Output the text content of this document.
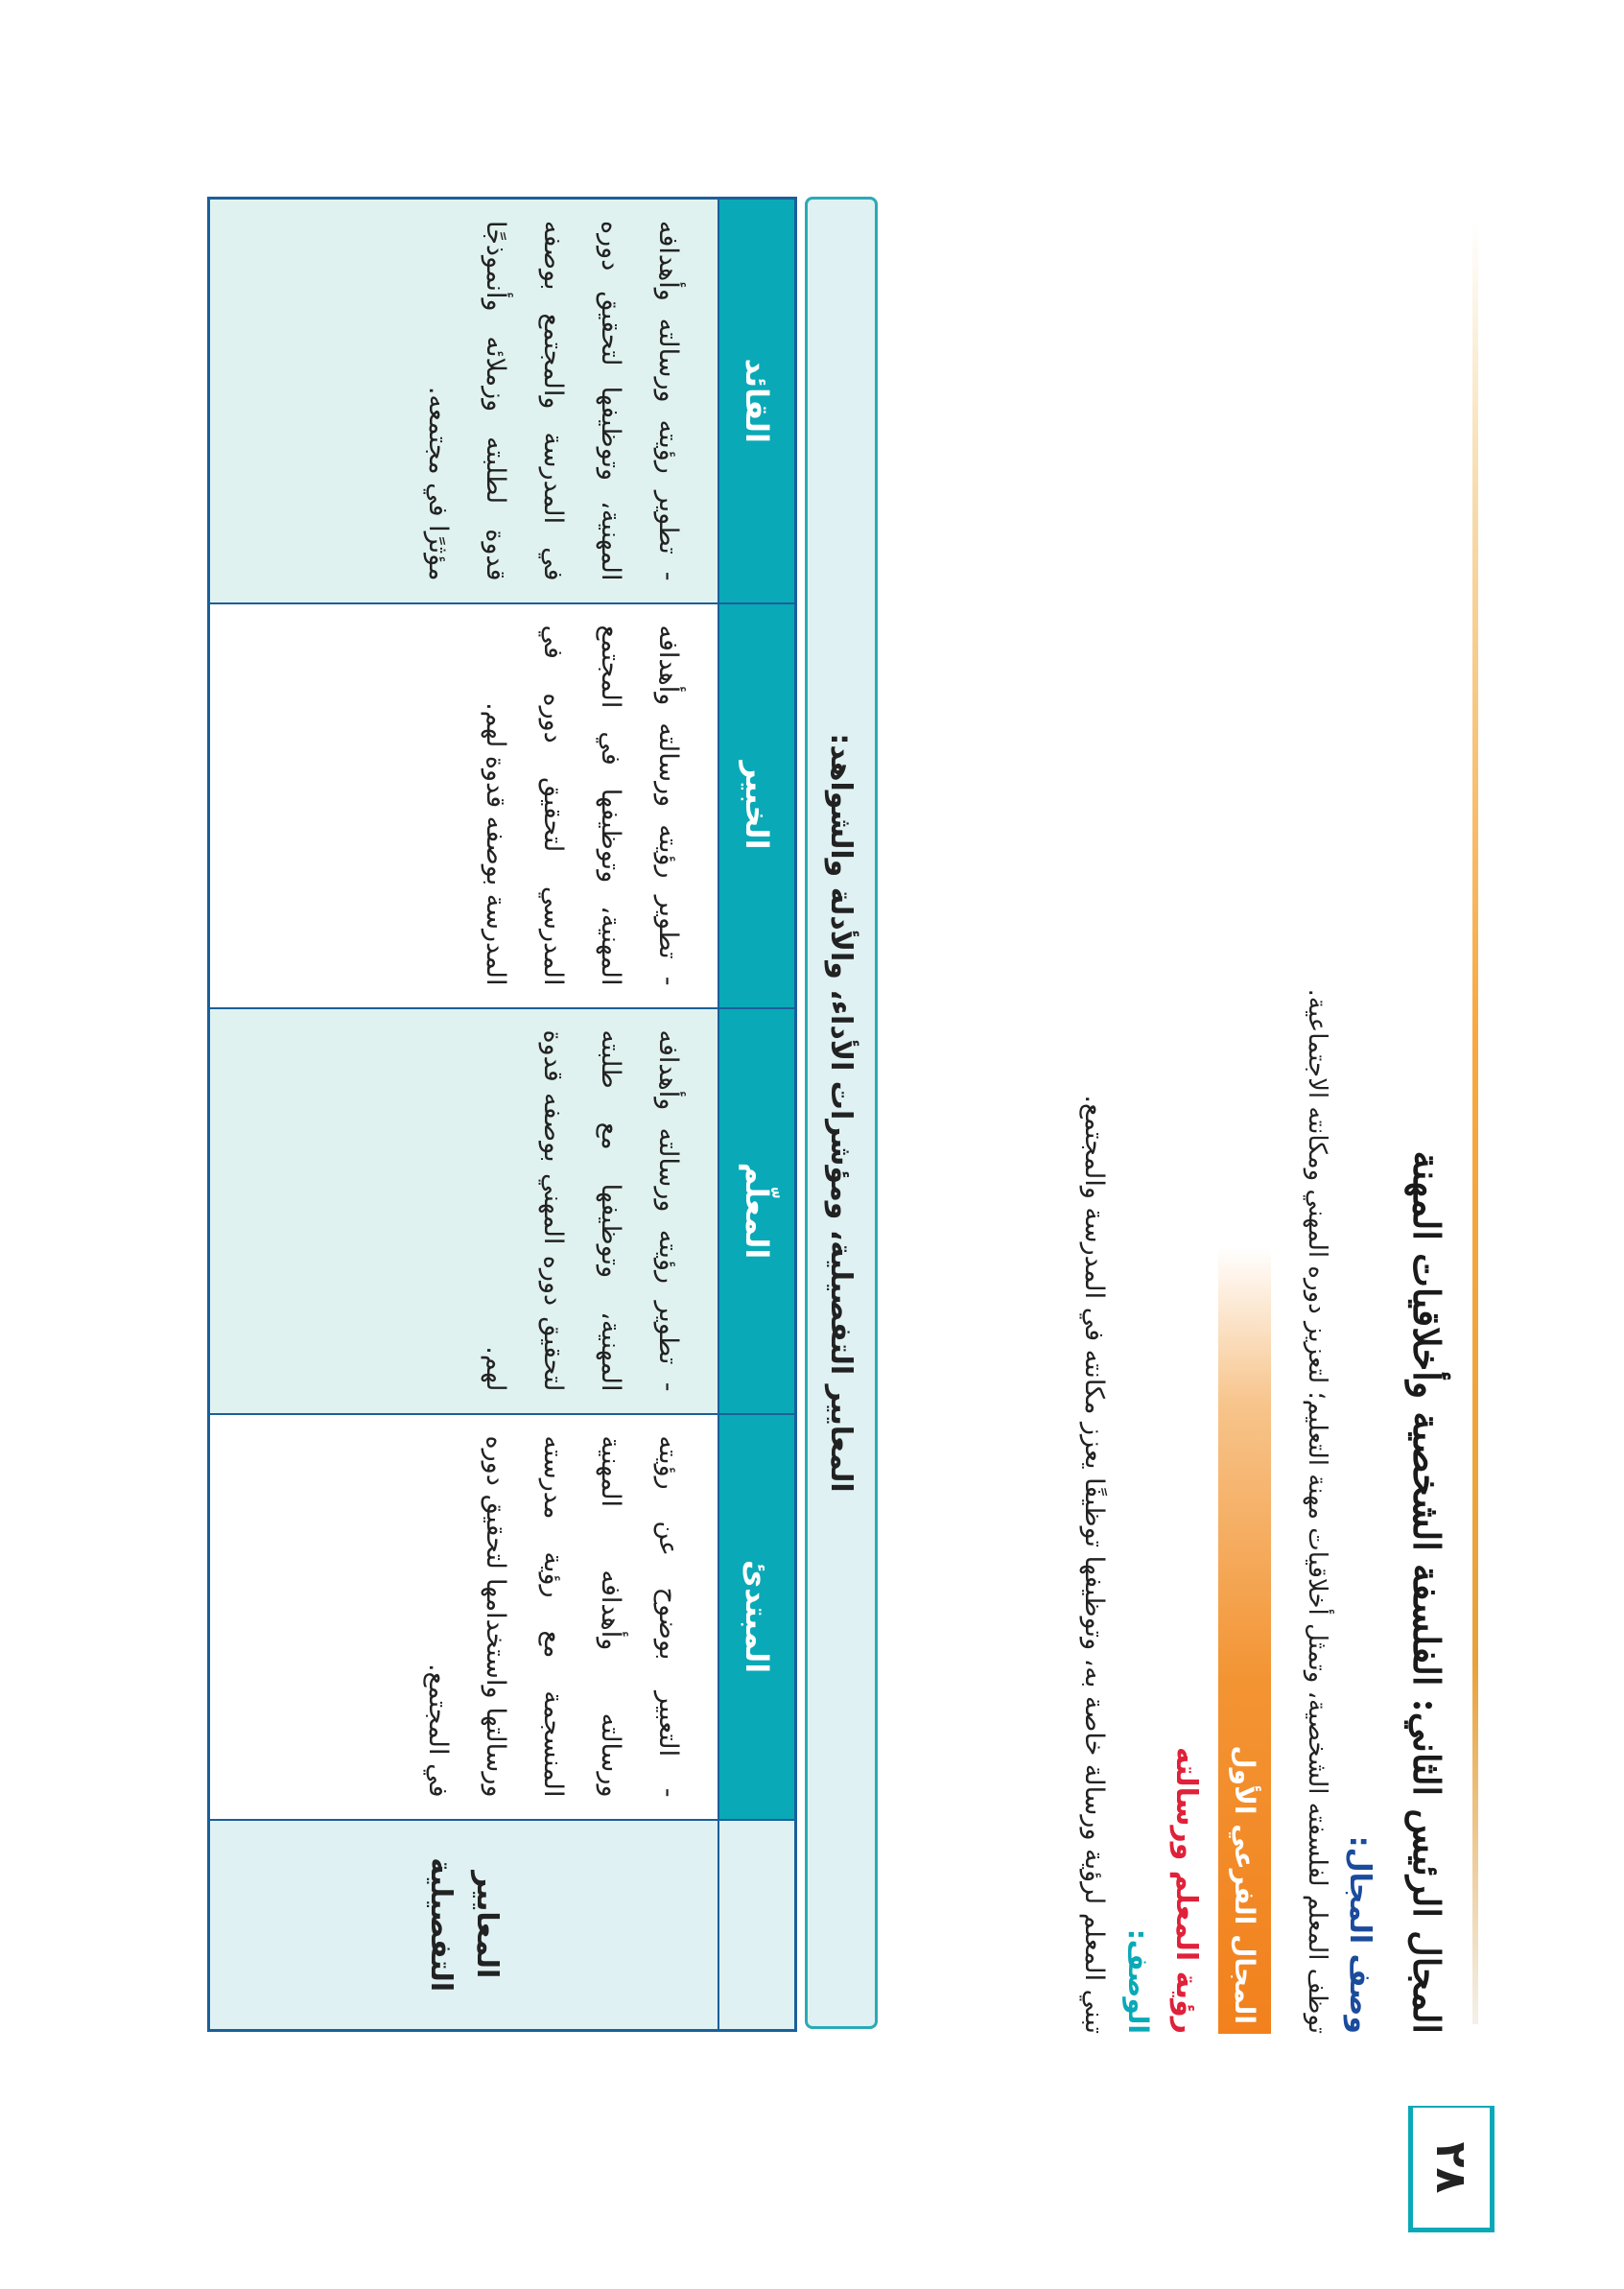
٢٨
المجال الرئيس الثاني: الفلسفة الشخصية وأخلاقيات المهنة
وصف المجال:
توظف المعلم لفلسفته الشخصية، وتمثل أخلاقيات مهنة التعليم؛ لتعزيز دوره المهني ومكانته الاجتماعية.
المجال الفرعي الأول
رؤية المعلم ورسالته
الوصف:
تبني المعلم لرؤية ورسالة خاصة به، وتوظيفها توظيفًا يعزز مكانته في المدرسة والمجتمع.
المعايير التفصيلية، ومؤشرات الأداء، والأدلة والشواهد:
	المبتدئ	المعلّم	الخبير	القائد
المعايير التفصيلية	- التعبير بوضوح عن رؤيته ورسالته وأهدافه المهنية المنسجمة مع رؤية مدرسته ورسالتها واستخدامها لتحقيق دوره في المجتمع.	- تطوير رؤيته ورسالته وأهدافه المهنية، وتوظيفها مع طلبته لتحقيق دوره المهني بوصفه قدوة لهم.	- تطوير رؤيته ورسالته وأهدافه المهنية، وتوظيفها في المجتمع المدرسي لتحقيق دوره في المدرسة بوصفه قدوة لهم.	- تطوير رؤيته ورسالته وأهدافه المهنية، وتوظيفها لتحقيق دوره في المدرسة والمجتمع بوصفه قدوة لطلبته وزملائه وأنموذجًا مؤثرًا في مجتمعه.
